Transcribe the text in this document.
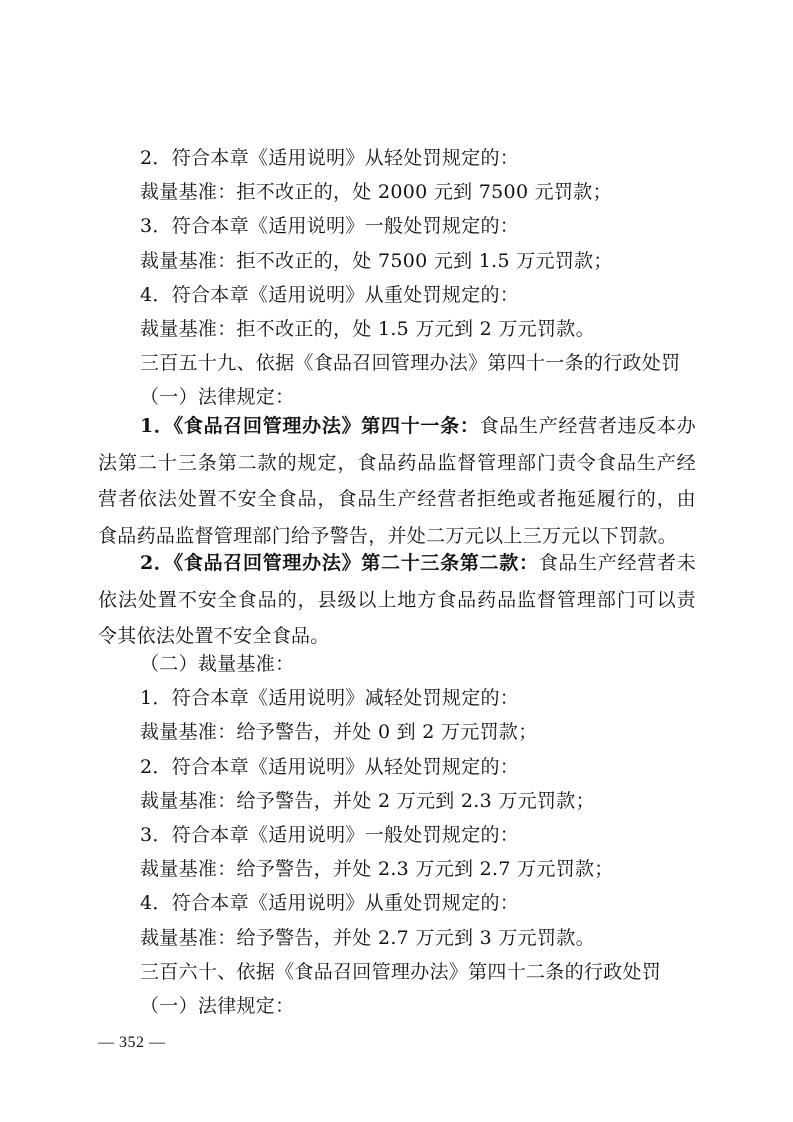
2．符合本章《适用说明》从轻处罚规定的：
裁量基准：拒不改正的，处 2000 元到 7500 元罚款；
3．符合本章《适用说明》一般处罚规定的：
裁量基准：拒不改正的，处 7500 元到 1.5 万元罚款；
4．符合本章《适用说明》从重处罚规定的：
裁量基准：拒不改正的，处 1.5 万元到 2 万元罚款。
三百五十九、依据《食品召回管理办法》第四十一条的行政处罚
（一）法律规定：
1．《食品召回管理办法》第四十一条：食品生产经营者违反本办法第二十三条第二款的规定，食品药品监督管理部门责令食品生产经营者依法处置不安全食品，食品生产经营者拒绝或者拖延履行的，由食品药品监督管理部门给予警告，并处二万元以上三万元以下罚款。
2．《食品召回管理办法》第二十三条第二款：食品生产经营者未依法处置不安全食品的，县级以上地方食品药品监督管理部门可以责令其依法处置不安全食品。
（二）裁量基准：
1．符合本章《适用说明》减轻处罚规定的：
裁量基准：给予警告，并处 0 到 2 万元罚款；
2．符合本章《适用说明》从轻处罚规定的：
裁量基准：给予警告，并处 2 万元到 2.3 万元罚款；
3．符合本章《适用说明》一般处罚规定的：
裁量基准：给予警告，并处 2.3 万元到 2.7 万元罚款；
4．符合本章《适用说明》从重处罚规定的：
裁量基准：给予警告，并处 2.7 万元到 3 万元罚款。
三百六十、依据《食品召回管理办法》第四十二条的行政处罚
（一）法律规定：
— 352 —
